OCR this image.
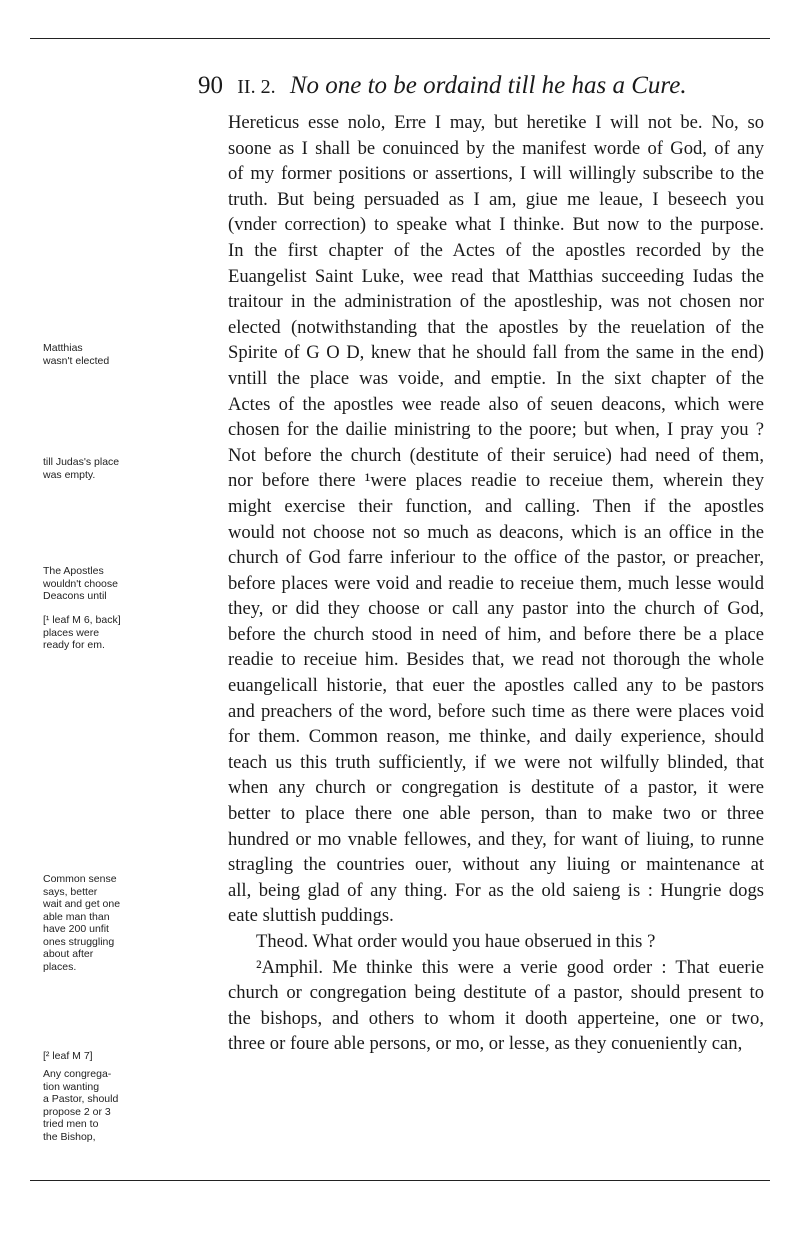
90 II. 2. No one to be ordaind till he has a Cure.
Hereticus esse nolo, Erre I may, but heretike I will not be. No, so
soone as I shall be conuinced by the manifest worde of God, of any
of my former positions or assertions, I will willingly subscribe to the
truth. But being persuaded as I am, giue me leaue, I beseech you
(vnder correction) to speake what I thinke. But now to the purpose.
In the first chapter of the Actes of the apostles recorded by the
Euangelist Saint Luke, wee read that Matthias succeeding Iudas the
traitour in the administration of the apostleship, was not chosen nor
elected (notwithstanding that the apostles by the reuelation of the
Spirite of G O D, knew that he should fall from the same in the end)
vntill the place was voide, and emptie. In the sixt chapter of the
Actes of the apostles wee reade also of seuen deacons, which were
chosen for the dailie ministring to the poore; but when, I pray you ?
Not before the church (destitute of their seruice) had need of them,
nor before there ¹were places readie to receiue them, wherein they
might exercise their function, and calling. Then if the apostles
would not choose not so much as deacons, which is an office in the
church of God farre inferiour to the office of the pastor, or preacher,
before places were void and readie to receiue them, much lesse would
they, or did they choose or call any pastor into the church of God,
before the church stood in need of him, and before there be a place
readie to receiue him. Besides that, we read not thorough the whole
euangelicall historie, that euer the apostles called any to be pastors
and preachers of the word, before such time as there were places void
for them. Common reason, me thinke, and daily experience, should
teach us this truth sufficiently, if we were not wilfully blinded, that
when any church or congregation is destitute of a pastor, it were
better to place there one able person, than to make two or three
hundred or mo vnable fellowes, and they, for want of liuing, to runne
stragling the countries ouer, without any liuing or maintenance at
all, being glad of any thing. For as the old saieng is : Hungrie dogs
eate sluttish puddings.
Theod. What order would you haue obserued in this ?
²Amphil. Me thinke this were a verie good order : That euerie
church or congregation being destitute of a pastor, should present to
the bishops, and others to whom it dooth apperteine, one or two,
three or foure able persons, or mo, or lesse, as they conueniently can,
Matthias
wasn't elected
till Judas's place
was empty.
The Apostles
wouldn't choose
Deacons until
[¹ leaf M 6, back]
places were
ready for em.
Common sense
says, better
wait and get one
able man than
have 200 unfit
ones struggling
about after
places.
[² leaf M 7]
Any congrega-
tion wanting
a Pastor, should
propose 2 or 3
tried men to
the Bishop,
